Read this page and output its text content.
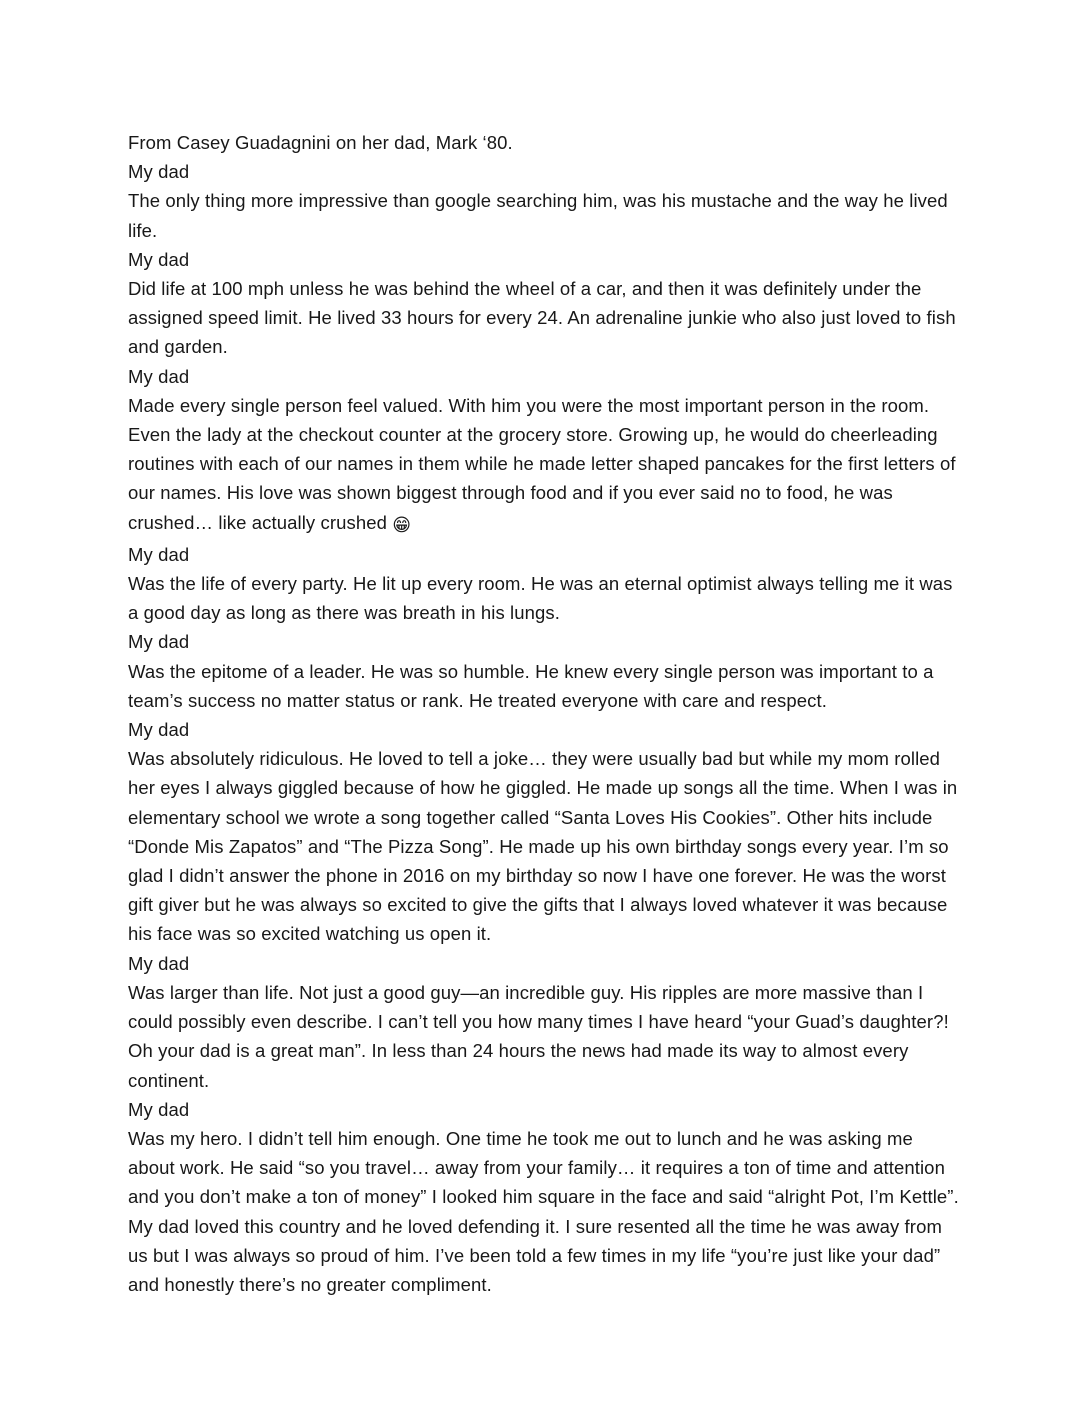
From Casey Guadagnini on her dad, Mark ‘80.

My dad

The only thing more impressive than google searching him, was his mustache and the way he lived life.

My dad

Did life at 100 mph unless he was behind the wheel of a car, and then it was definitely under the assigned speed limit. He lived 33 hours for every 24. An adrenaline junkie who also just loved to fish and garden.

My dad

Made every single person feel valued. With him you were the most important person in the room. Even the lady at the checkout counter at the grocery store. Growing up, he would do cheerleading routines with each of our names in them while he made letter shaped pancakes for the first letters of our names. His love was shown biggest through food and if you ever said no to food, he was crushed… like actually crushed 😁

My dad

Was the life of every party. He lit up every room. He was an eternal optimist always telling me it was a good day as long as there was breath in his lungs.

My dad

Was the epitome of a leader. He was so humble. He knew every single person was important to a team’s success no matter status or rank. He treated everyone with care and respect.

My dad

Was absolutely ridiculous. He loved to tell a joke… they were usually bad but while my mom rolled her eyes I always giggled because of how he giggled. He made up songs all the time. When I was in elementary school we wrote a song together called “Santa Loves His Cookies”. Other hits include “Donde Mis Zapatos” and “The Pizza Song”. He made up his own birthday songs every year. I’m so glad I didn’t answer the phone in 2016 on my birthday so now I have one forever. He was the worst gift giver but he was always so excited to give the gifts that I always loved whatever it was because his face was so excited watching us open it.

My dad

Was larger than life. Not just a good guy—an incredible guy. His ripples are more massive than I could possibly even describe. I can’t tell you how many times I have heard “your Guad’s daughter?! Oh your dad is a great man”. In less than 24 hours the news had made its way to almost every continent.

My dad

Was my hero. I didn’t tell him enough. One time he took me out to lunch and he was asking me about work. He said “so you travel… away from your family… it requires a ton of time and attention and you don’t make a ton of money” I looked him square in the face and said “alright Pot, I’m Kettle”. My dad loved this country and he loved defending it. I sure resented all the time he was away from us but I was always so proud of him. I’ve been told a few times in my life “you’re just like your dad” and honestly there’s no greater compliment.
